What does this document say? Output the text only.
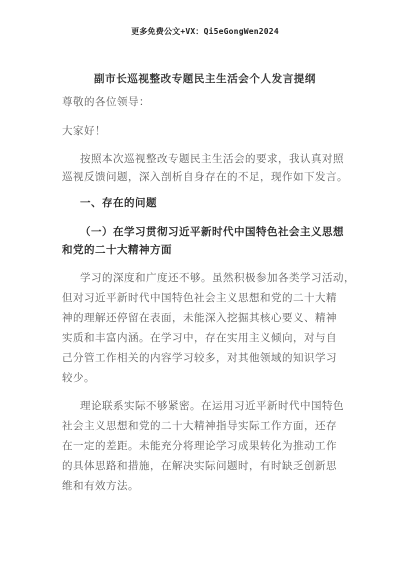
更多免费公文+VX：Qi5eGongWen2024
副市长巡视整改专题民主生活会个人发言提纲
尊敬的各位领导：
大家好！
按照本次巡视整改专题民主生活会的要求，我认真对照
巡视反馈问题，深入剖析自身存在的不足，现作如下发言。
一、存在的问题
（一）在学习贯彻习近平新时代中国特色社会主义思想
和党的二十大精神方面
学习的深度和广度还不够。虽然积极参加各类学习活动，
但对习近平新时代中国特色社会主义思想和党的二十大精
神的理解还停留在表面，未能深入挖掘其核心要义、精神
实质和丰富内涵。在学习中，存在实用主义倾向，对与自
己分管工作相关的内容学习较多，对其他领域的知识学习
较少。
理论联系实际不够紧密。在运用习近平新时代中国特色
社会主义思想和党的二十大精神指导实际工作方面，还存
在一定的差距。未能充分将理论学习成果转化为推动工作
的具体思路和措施，在解决实际问题时，有时缺乏创新思
维和有效方法。
